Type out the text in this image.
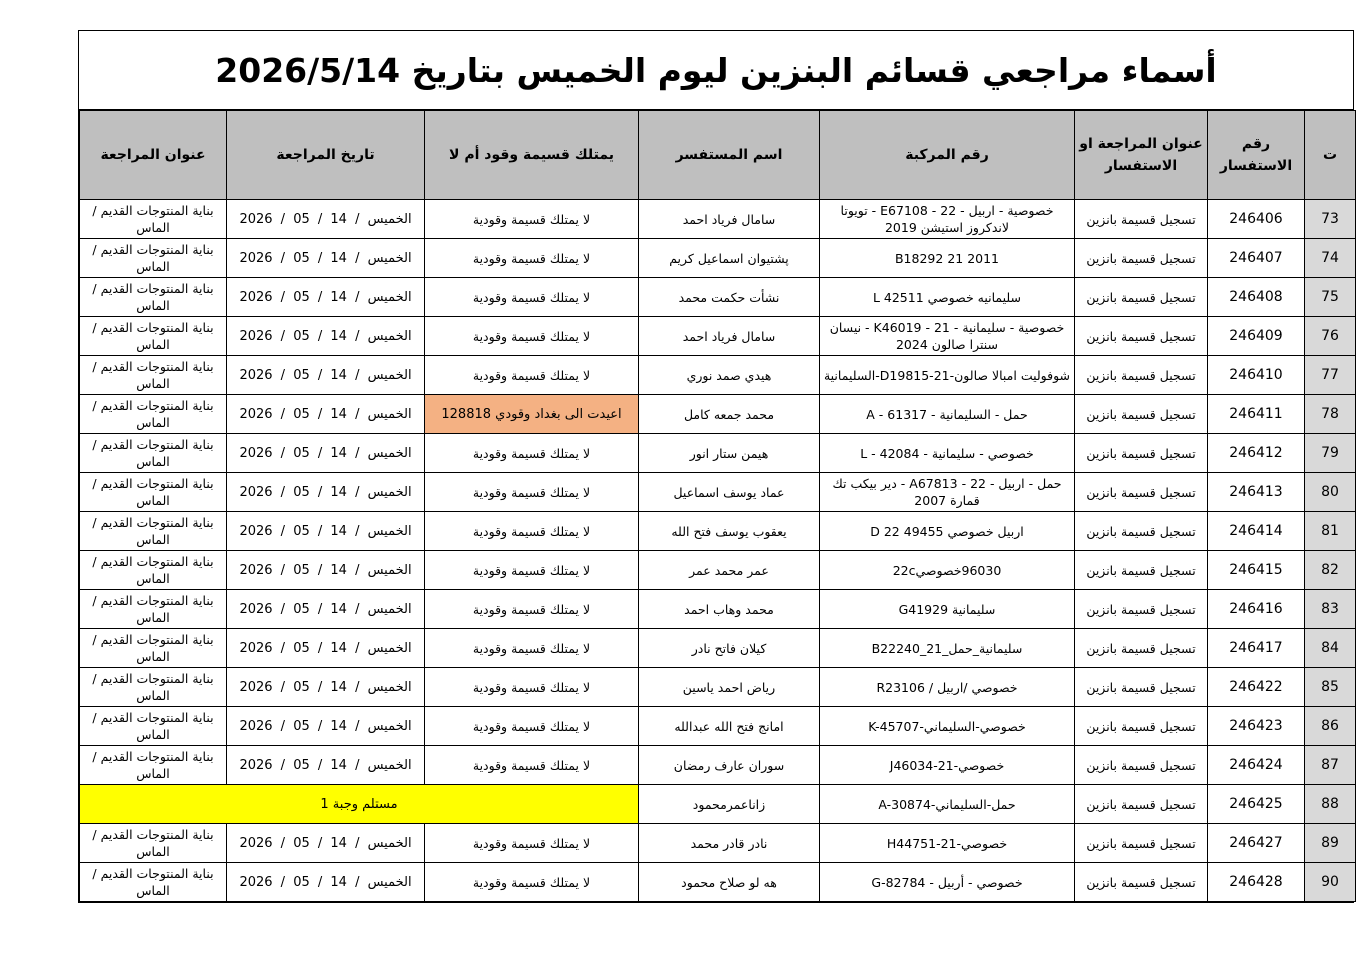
أسماء مراجعي قسائم البنزين ليوم الخميس بتاريخ 2026/5/14
ت	رقم الاستفسار	عنوان المراجعة او الاستفسار	رقم المركبة	اسم المستفسر	يمتلك قسيمة وقود أم لا	تاريخ المراجعة	عنوان المراجعة
73	246406	تسجيل قسيمة بانزين	خصوصية - اربيل - 22 - E67108 - تويوتا لاندكروز استيشن 2019	سامال فرياد احمد	لا يمتلك قسيمة وقودية	الخميس / 14 / 05 / 2026	بناية المنتوجات القديم / الماس
74	246407	تسجيل قسيمة بانزين	2011 21 B18292	پشتيوان اسماعيل كريم	لا يمتلك قسيمة وقودية	الخميس / 14 / 05 / 2026	بناية المنتوجات القديم / الماس
75	246408	تسجيل قسيمة بانزين	سليمانيه خصوصي L 42511	نشأت حكمت محمد	لا يمتلك قسيمة وقودية	الخميس / 14 / 05 / 2026	بناية المنتوجات القديم / الماس
76	246409	تسجيل قسيمة بانزين	خصوصية - سليمانية - 21 - K46019 - نيسان سنترا صالون 2024	سامال فرياد احمد	لا يمتلك قسيمة وقودية	الخميس / 14 / 05 / 2026	بناية المنتوجات القديم / الماس
77	246410	تسجيل قسيمة بانزين	شوفوليت امبالا صالون-D19815-21-السليمانية	هيدي صمد نوري	لا يمتلك قسيمة وقودية	الخميس / 14 / 05 / 2026	بناية المنتوجات القديم / الماس
78	246411	تسجيل قسيمة بانزين	حمل - السليمانية - 61317 - A	محمد جمعه كامل	اعيدت الى بغداد وقودي 128818	الخميس / 14 / 05 / 2026	بناية المنتوجات القديم / الماس
79	246412	تسجيل قسيمة بانزين	خصوصي - سليمانية - 42084 - L	هيمن ستار انور	لا يمتلك قسيمة وقودية	الخميس / 14 / 05 / 2026	بناية المنتوجات القديم / الماس
80	246413	تسجيل قسيمة بانزين	حمل - اربيل - 22 - A67813 - دير بيكب تك قمارة 2007	عماد يوسف اسماعيل	لا يمتلك قسيمة وقودية	الخميس / 14 / 05 / 2026	بناية المنتوجات القديم / الماس
81	246414	تسجيل قسيمة بانزين	اربيل خصوصي 49455 22 D	يعقوب يوسف فتح الله	لا يمتلك قسيمة وقودية	الخميس / 14 / 05 / 2026	بناية المنتوجات القديم / الماس
82	246415	تسجيل قسيمة بانزين	96030خصوصي22c	عمر محمد عمر	لا يمتلك قسيمة وقودية	الخميس / 14 / 05 / 2026	بناية المنتوجات القديم / الماس
83	246416	تسجيل قسيمة بانزين	سليمانية G41929	محمد وهاب احمد	لا يمتلك قسيمة وقودية	الخميس / 14 / 05 / 2026	بناية المنتوجات القديم / الماس
84	246417	تسجيل قسيمة بانزين	سليمانية_حمل_21_B22240	كيلان فاتح نادر	لا يمتلك قسيمة وقودية	الخميس / 14 / 05 / 2026	بناية المنتوجات القديم / الماس
85	246422	تسجيل قسيمة بانزين	خصوصي /اربيل / R23106	رياض احمد ياسين	لا يمتلك قسيمة وقودية	الخميس / 14 / 05 / 2026	بناية المنتوجات القديم / الماس
86	246423	تسجيل قسيمة بانزين	خصوصي-السليماني-K-45707	امانج فتح الله عبدالله	لا يمتلك قسيمة وقودية	الخميس / 14 / 05 / 2026	بناية المنتوجات القديم / الماس
87	246424	تسجيل قسيمة بانزين	خصوصي-21-J46034	سوران عارف رمضان	لا يمتلك قسيمة وقودية	الخميس / 14 / 05 / 2026	بناية المنتوجات القديم / الماس
88	246425	تسجيل قسيمة بانزين	حمل-السليماني-A-30874	زاناعمرمحمود	مستلم وجبة 1		
89	246427	تسجيل قسيمة بانزين	خصوصي-21-H44751	نادر قادر محمد	لا يمتلك قسيمة وقودية	الخميس / 14 / 05 / 2026	بناية المنتوجات القديم / الماس
90	246428	تسجيل قسيمة بانزين	خصوصي - أربيل - G-82784	هه لو صلاح محمود	لا يمتلك قسيمة وقودية	الخميس / 14 / 05 / 2026	بناية المنتوجات القديم / الماس
